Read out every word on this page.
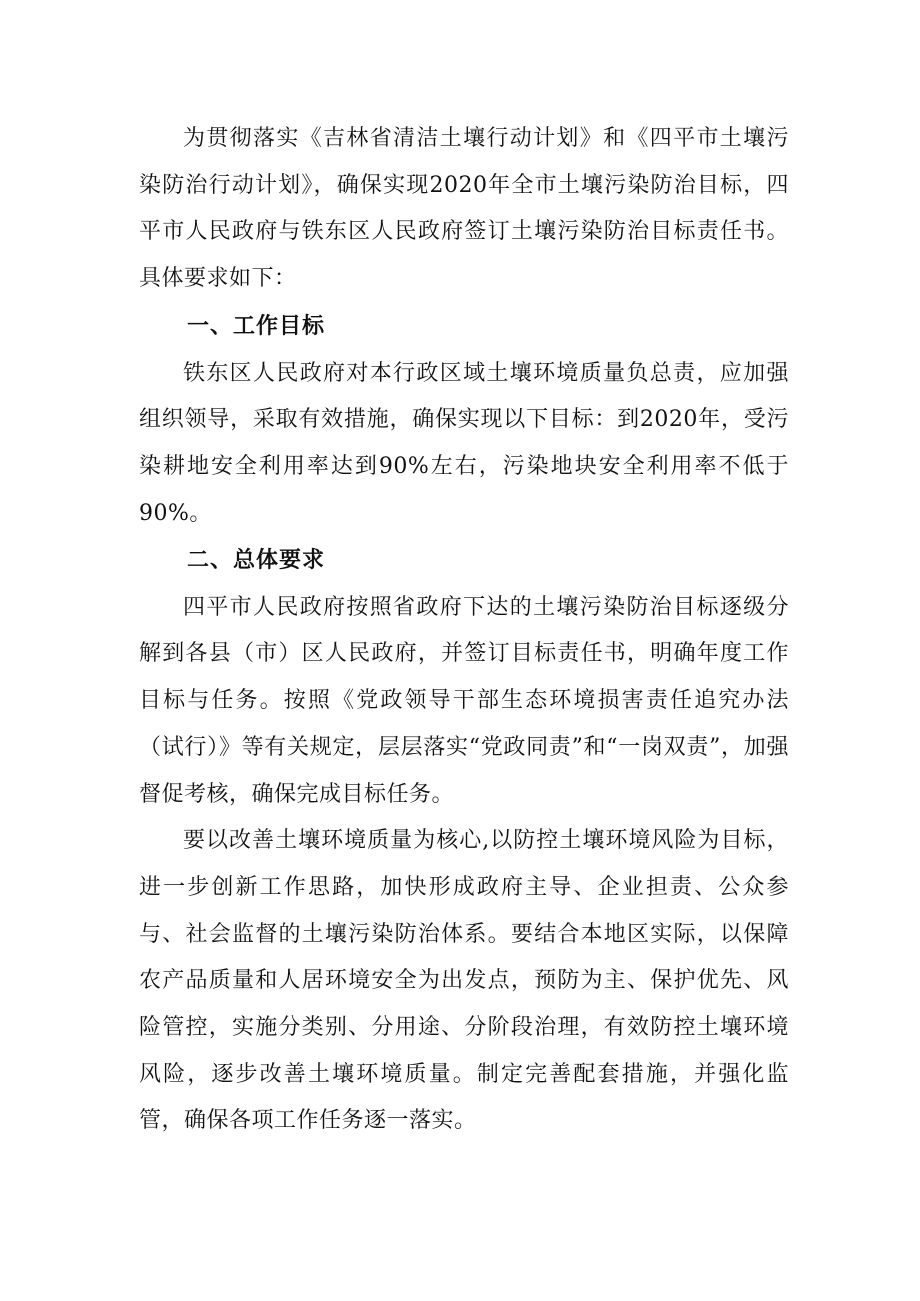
为贯彻落实《吉林省清洁土壤行动计划》和《四平市土壤污染防治行动计划》，确保实现2020年全市土壤污染防治目标，四平市人民政府与铁东区人民政府签订土壤污染防治目标责任书。具体要求如下：

一、工作目标

铁东区人民政府对本行政区域土壤环境质量负总责，应加强组织领导，采取有效措施，确保实现以下目标：到2020年，受污染耕地安全利用率达到90%左右，污染地块安全利用率不低于90%。

二、总体要求

四平市人民政府按照省政府下达的土壤污染防治目标逐级分解到各县（市）区人民政府，并签订目标责任书，明确年度工作目标与任务。按照《党政领导干部生态环境损害责任追究办法（试行）》等有关规定，层层落实“党政同责”和“一岗双责”，加强督促考核，确保完成目标任务。

要以改善土壤环境质量为核心,以防控土壤环境风险为目标，进一步创新工作思路，加快形成政府主导、企业担责、公众参与、社会监督的土壤污染防治体系。要结合本地区实际，以保障农产品质量和人居环境安全为出发点，预防为主、保护优先、风险管控，实施分类别、分用途、分阶段治理，有效防控土壤环境风险，逐步改善土壤环境质量。制定完善配套措施，并强化监管，确保各项工作任务逐一落实。
